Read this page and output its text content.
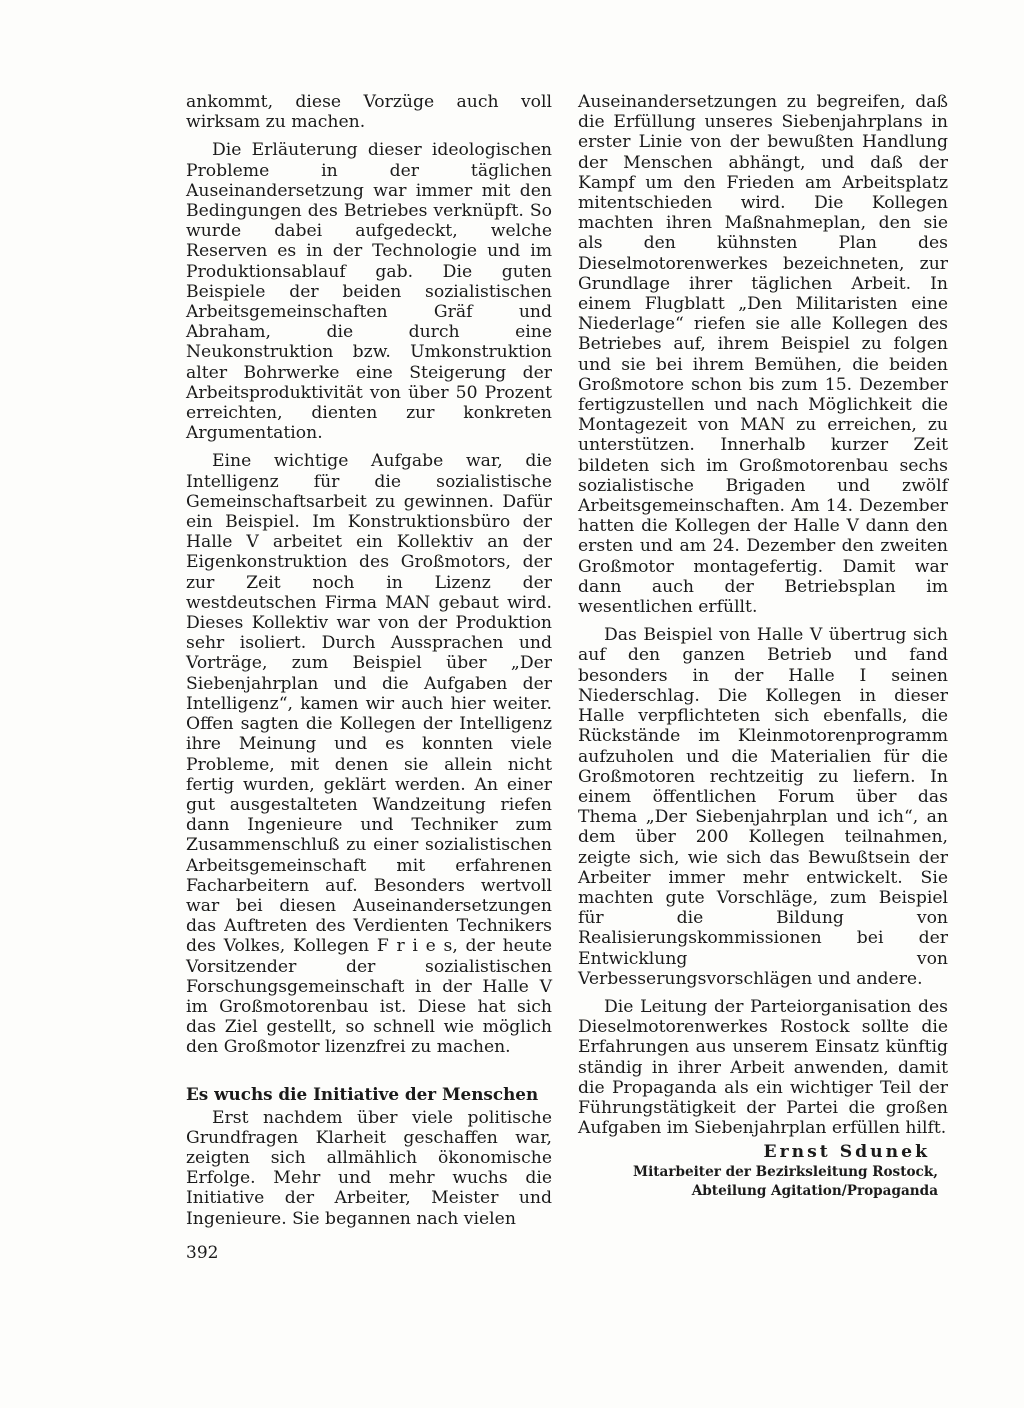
ankommt, diese Vorzüge auch voll wirksam zu machen.

Die Erläuterung dieser ideologischen Probleme in der täglichen Auseinandersetzung war immer mit den Bedingungen des Betriebes verknüpft. So wurde dabei aufgedeckt, welche Reserven es in der Technologie und im Produktionsablauf gab. Die guten Beispiele der beiden sozialistischen Arbeitsgemeinschaften Gräf und Abraham, die durch eine Neukonstruktion bzw. Umkonstruktion alter Bohrwerke eine Steigerung der Arbeitsproduktivität von über 50 Prozent erreichten, dienten zur konkreten Argumentation.

Eine wichtige Aufgabe war, die Intelligenz für die sozialistische Gemeinschaftsarbeit zu gewinnen. Dafür ein Beispiel. Im Konstruktionsbüro der Halle V arbeitet ein Kollektiv an der Eigenkonstruktion des Großmotors, der zur Zeit noch in Lizenz der westdeutschen Firma MAN gebaut wird. Dieses Kollektiv war von der Produktion sehr isoliert. Durch Aussprachen und Vorträge, zum Beispiel über „Der Siebenjahrplan und die Aufgaben der Intelligenz“, kamen wir auch hier weiter. Offen sagten die Kollegen der Intelligenz ihre Meinung und es konnten viele Probleme, mit denen sie allein nicht fertig wurden, geklärt werden. An einer gut ausgestalteten Wandzeitung riefen dann Ingenieure und Techniker zum Zusammenschluß zu einer sozialistischen Arbeitsgemeinschaft mit erfahrenen Facharbeitern auf. Besonders wertvoll war bei diesen Auseinandersetzungen das Auftreten des Verdienten Technikers des Volkes, Kollegen F r i e s, der heute Vorsitzender der sozialistischen Forschungsgemeinschaft in der Halle V im Großmotorenbau ist. Diese hat sich das Ziel gestellt, so schnell wie möglich den Großmotor lizenzfrei zu machen.

Es wuchs die Initiative der Menschen

Erst nachdem über viele politische Grundfragen Klarheit geschaffen war, zeigten sich allmählich ökonomische Erfolge. Mehr und mehr wuchs die Initiative der Arbeiter, Meister und Ingenieure. Sie begannen nach vielen

Auseinandersetzungen zu begreifen, daß die Erfüllung unseres Siebenjahrplans in erster Linie von der bewußten Handlung der Menschen abhängt, und daß der Kampf um den Frieden am Arbeitsplatz mitentschieden wird. Die Kollegen machten ihren Maßnahmeplan, den sie als den kühnsten Plan des Dieselmotorenwerkes bezeichneten, zur Grundlage ihrer täglichen Arbeit. In einem Flugblatt „Den Militaristen eine Niederlage“ riefen sie alle Kollegen des Betriebes auf, ihrem Beispiel zu folgen und sie bei ihrem Bemühen, die beiden Großmotore schon bis zum 15. Dezember fertigzustellen und nach Möglichkeit die Montagezeit von MAN zu erreichen, zu unterstützen. Innerhalb kurzer Zeit bildeten sich im Großmotorenbau sechs sozialistische Brigaden und zwölf Arbeitsgemeinschaften. Am 14. Dezember hatten die Kollegen der Halle V dann den ersten und am 24. Dezember den zweiten Großmotor montagefertig. Damit war dann auch der Betriebsplan im wesentlichen erfüllt.

Das Beispiel von Halle V übertrug sich auf den ganzen Betrieb und fand besonders in der Halle I seinen Niederschlag. Die Kollegen in dieser Halle verpflichteten sich ebenfalls, die Rückstände im Kleinmotorenprogramm aufzuholen und die Materialien für die Großmotoren rechtzeitig zu liefern. In einem öffentlichen Forum über das Thema „Der Siebenjahrplan und ich“, an dem über 200 Kollegen teilnahmen, zeigte sich, wie sich das Bewußtsein der Arbeiter immer mehr entwickelt. Sie machten gute Vorschläge, zum Beispiel für die Bildung von Realisierungskommissionen bei der Entwicklung von Verbesserungsvorschlägen und andere.

Die Leitung der Parteiorganisation des Dieselmotorenwerkes Rostock sollte die Erfahrungen aus unserem Einsatz künftig ständig in ihrer Arbeit anwenden, damit die Propaganda als ein wichtiger Teil der Führungstätigkeit der Partei die großen Aufgaben im Siebenjahrplan erfüllen hilft.

Ernst Sdunek
Mitarbeiter der Bezirksleitung Rostock,
Abteilung Agitation/Propaganda
392
